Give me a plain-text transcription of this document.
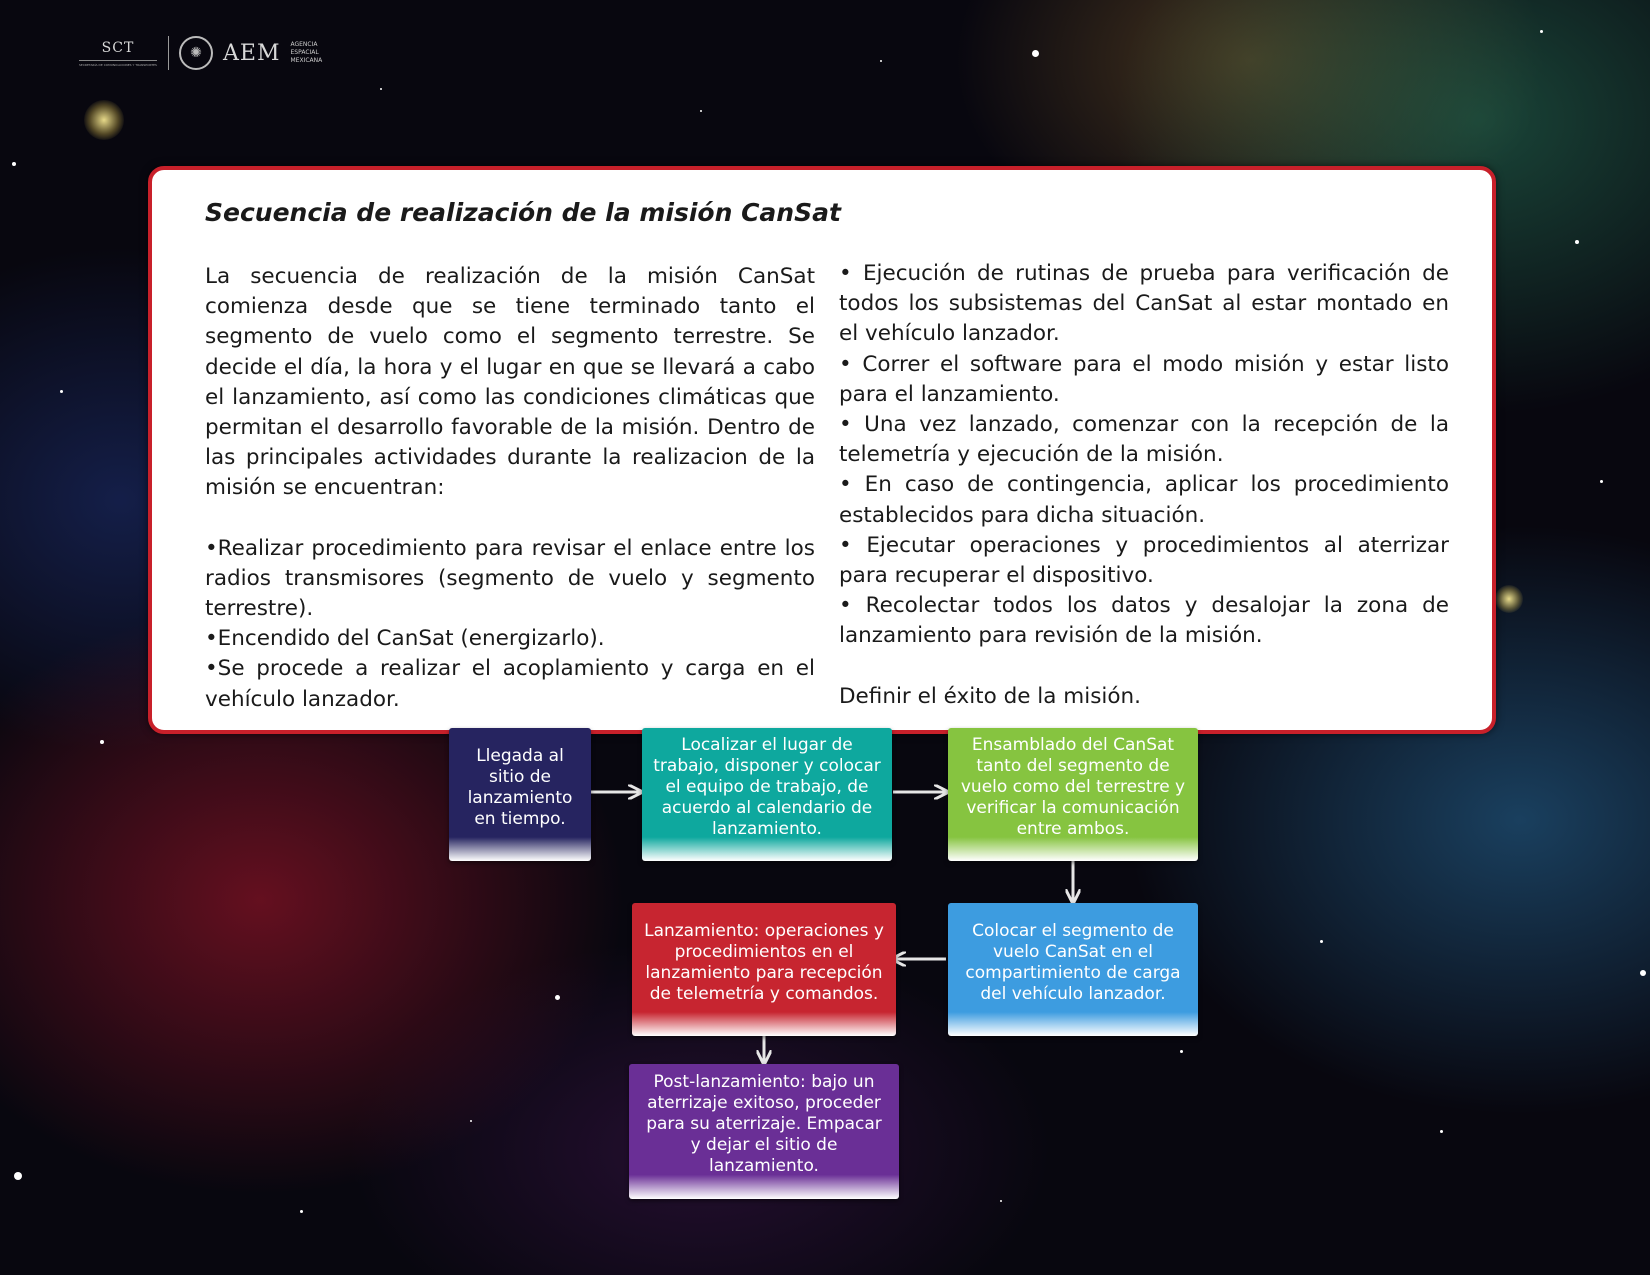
SCT
SECRETARÍA DE COMUNICACIONES Y TRANSPORTES
✺ AEM AGENCIA
ESPACIAL
MEXICANA
Secuencia de realización de la misión CanSat

La secuencia de realización de la misión CanSat comienza desde que se tiene terminado tanto el segmento de vuelo como el segmento terrestre. Se decide el día, la hora y el lugar en que se llevará a cabo el lanzamiento, así como las condiciones climáticas que permitan el desarrollo favorable de la misión. Dentro de las principales actividades durante la realizacion de la misión se encuentran:

•Realizar procedimiento para revisar el enlace entre los radios transmisores (segmento de vuelo y segmento terrestre).

•Encendido del CanSat (energizarlo).

•Se procede a realizar el acoplamiento y carga en el vehículo lanzador.

• Ejecución de rutinas de prueba para verificación de todos los subsistemas del CanSat al estar montado en el vehículo lanzador.

• Correr el software para el modo misión y estar listo para el lanzamiento.

• Una vez lanzado, comenzar con la recepción de la telemetría y ejecución de la misión.

• En caso de contingencia, aplicar los procedimiento establecidos para dicha situación.

• Ejecutar operaciones y procedimientos al aterrizar para recuperar el dispositivo.

• Recolectar todos los datos y desalojar la zona de lanzamiento para revisión de la misión.

Definir el éxito de la misión.

Llegada al sitio de lanzamiento en tiempo.
Localizar el lugar de trabajo, disponer y colocar el equipo de trabajo, de acuerdo al calendario de lanzamiento.
Ensamblado del CanSat tanto del segmento de vuelo como del terrestre y verificar la comunicación entre ambos.
Colocar el segmento de vuelo CanSat en el compartimiento de carga del vehículo lanzador.
Lanzamiento: operaciones y procedimientos en el lanzamiento para recepción de telemetría y comandos.
Post-lanzamiento: bajo un aterrizaje exitoso, proceder para su aterrizaje. Empacar y dejar el sitio de lanzamiento.
